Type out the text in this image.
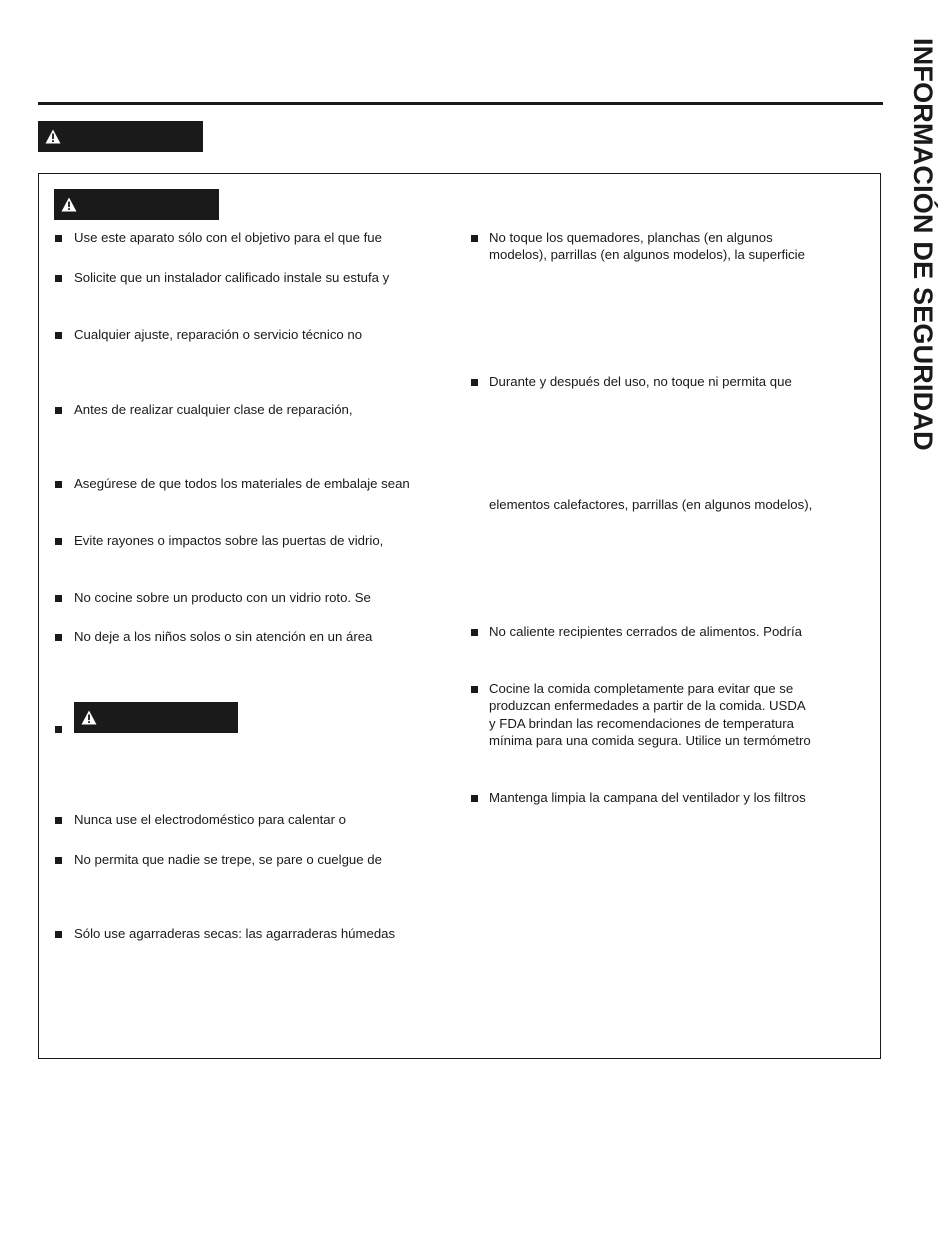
Use este aparato sólo con el objetivo para el que fue
Solicite que un instalador calificado instale su estufa y
Cualquier ajuste, reparación o servicio técnico no
Antes de realizar cualquier clase de reparación,
Asegúrese de que todos los materiales de embalaje sean
Evite rayones o impactos sobre las puertas de vidrio,
No cocine sobre un producto con un vidrio roto. Se
No deje a los niños solos o sin atención en un área
Nunca use el electrodoméstico para calentar o
No permita que nadie se trepe, se pare o cuelgue de
Sólo use agarraderas secas: las agarraderas húmedas
No toque los quemadores, planchas (en algunos
modelos), parrillas (en algunos modelos), la superficie
Durante y después del uso, no toque ni permita que
elementos calefactores, parrillas (en algunos modelos),
No caliente recipientes cerrados de alimentos. Podría
Cocine la comida completamente para evitar que se
produzcan enfermedades a partir de la comida. USDA
y FDA brindan las recomendaciones de temperatura
mínima para una comida segura. Utilice un termómetro
Mantenga limpia la campana del ventilador y los filtros
INFORMACIÓN DE SEGURIDAD
